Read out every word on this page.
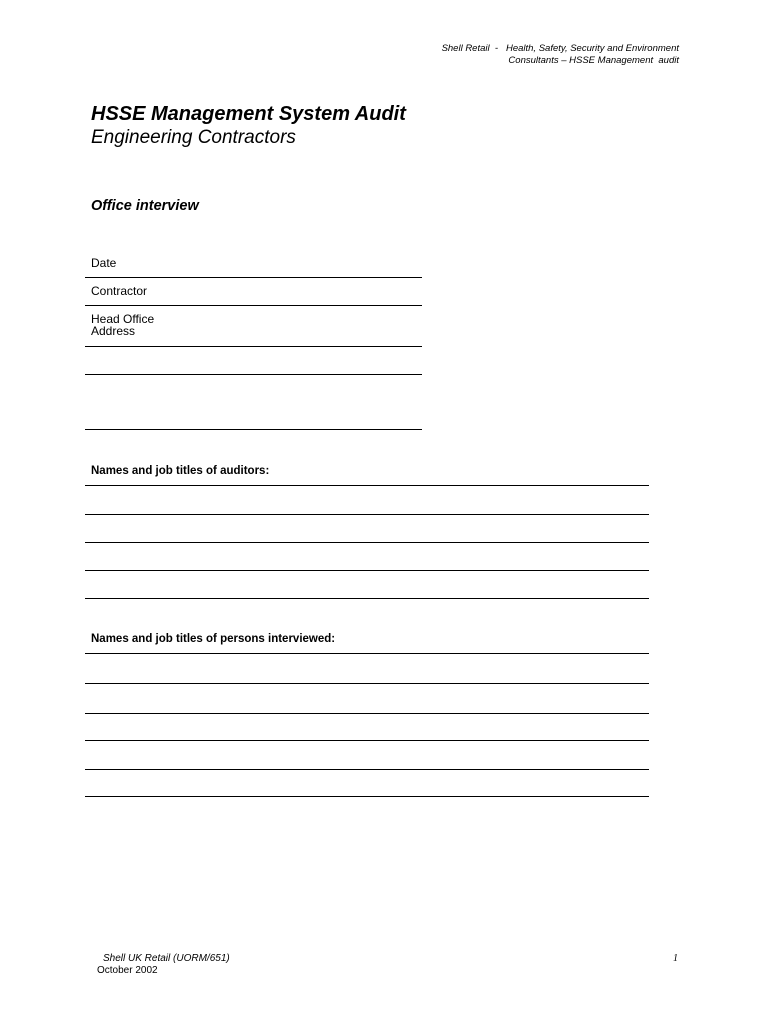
Shell Retail  -   Health, Safety, Security and Environment
Consultants – HSSE Management  audit
HSSE Management System Audit
Engineering Contractors
Office interview
Date
Contractor
Head Office
Address
Names and job titles of auditors:
Names and job titles of persons interviewed:
Shell UK Retail (UORM/651)
October 2002
1
